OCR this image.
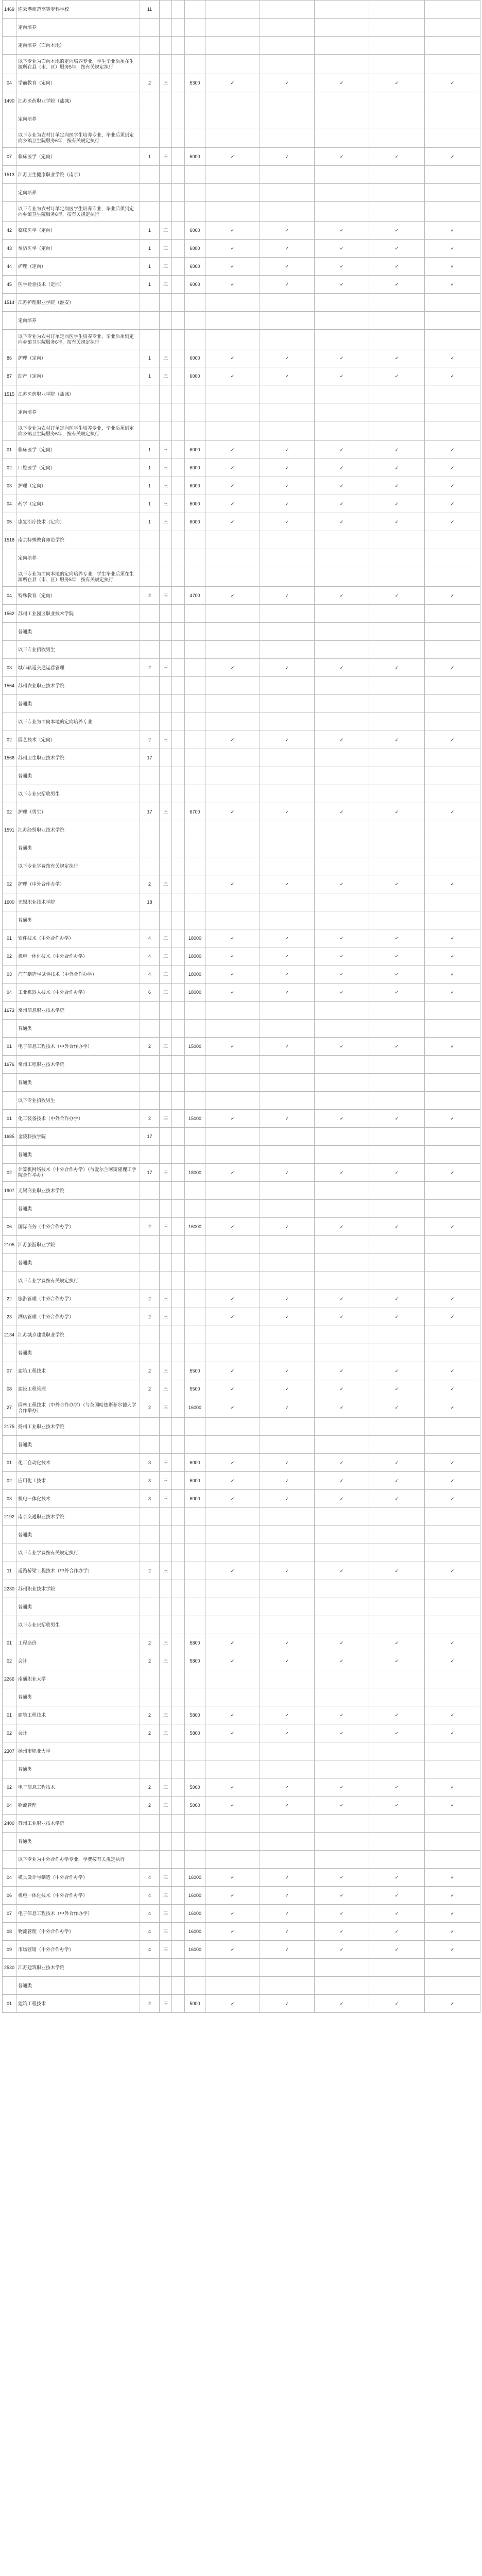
1469	连云港师范高等专科学校	11								
	定向培养									
	定向培养（面向本地）									
	以下专业为面向本地的定向培养专业，学生毕业后须在生源所在县（市、区）服务5年，按有关规定执行									
04	学前教育（定向）	2	三		5300	✓	✓	✓	✓	✓
1490	江苏医药职业学院（盐城）									
	定向培养									
	以下专业为农村订单定向医学生培养专业，毕业后须到定向乡镇卫生院服务6年，按有关规定执行									
07	临床医学（定向）	1	三		6000	✓	✓	✓	✓	✓
1513	江苏卫生健康职业学院（南京）									
	定向培养									
	以下专业为农村订单定向医学生培养专业，毕业后须到定向乡镇卫生院服务6年，按有关规定执行									
42	临床医学（定向）	1	三		6000	✓	✓	✓	✓	✓
43	预防医学（定向）	1	三		6000	✓	✓	✓	✓	✓
44	护理（定向）	1	三		6000	✓	✓	✓	✓	✓
45	医学检验技术（定向）	1	三		6000	✓	✓	✓	✓	✓
1514	江苏护理职业学院（淮安）									
	定向培养									
	以下专业为农村订单定向医学生培养专业，毕业后须到定向乡镇卫生院服务6年，按有关规定执行									
86	护理（定向）	1	三		6000	✓	✓	✓	✓	✓
87	助产（定向）	1	三		6000	✓	✓	✓	✓	✓
1515	江苏医药职业学院（盐城）									
	定向培养									
	以下专业为农村订单定向医学生培养专业，毕业后须到定向乡镇卫生院服务6年，按有关规定执行									
01	临床医学（定向）	1	三		6000	✓	✓	✓	✓	✓
02	口腔医学（定向）	1	三		6000	✓	✓	✓	✓	✓
03	护理（定向）	1	三		6000	✓	✓	✓	✓	✓
04	药学（定向）	1	三		6000	✓	✓	✓	✓	✓
05	康复治疗技术（定向）	1	三		6000	✓	✓	✓	✓	✓
1518	南京特殊教育师范学院									
	定向培养									
	以下专业为面向本地的定向培养专业，学生毕业后须在生源所在县（市、区）服务5年，按有关规定执行									
04	特殊教育（定向）	2	三		4700	✓	✓	✓	✓	✓
1562	苏州工业园区职业技术学院									
	普通类									
	以下专业招收男生									
03	城市轨道交通运营管理	2	三			✓	✓	✓	✓	✓
1564	苏州农业职业技术学院									
	普通类									
	以下专业为面向本地的定向培养专业									
02	园艺技术（定向）	2	三			✓	✓	✓	✓	✓
1566	苏州卫生职业技术学院	17								
	普通类									
	以下专业只招收男生									
02	护理（男生）	17	三		6700	✓	✓	✓	✓	✓
1591	江苏经贸职业技术学院									
	普通类									
	以下专业学费按有关规定执行									
02	护理（中外合作办学）	2	三			✓	✓	✓	✓	✓
1600	无锡职业技术学院	18								
	普通类									
01	软件技术（中外合作办学）	4	三		18000	✓	✓	✓	✓	✓
02	机电一体化技术（中外合作办学）	4	三		18000	✓	✓	✓	✓	✓
03	汽车制造与试验技术（中外合作办学）	4	三		18000	✓	✓	✓	✓	✓
04	工业机器人技术（中外合作办学）	6	三		18000	✓	✓	✓	✓	✓
1673	常州信息职业技术学院									
	普通类									
01	电子信息工程技术（中外合作办学）	2	三		15000	✓	✓	✓	✓	✓
1676	常州工程职业技术学院									
	普通类									
	以下专业招收男生									
01	化工装备技术（中外合作办学）	2	三		15000	✓	✓	✓	✓	✓
1685	金陵科技学院	17								
	普通类									
02	计算机网络技术（中外合作办学）（与爱尔兰阿斯隆理工学院合作举办）	17	三		18000	✓	✓	✓	✓	✓
1907	无锡商业职业技术学院									
	普通类									
06	国际商务（中外合作办学）	2	三		16000	✓	✓	✓	✓	✓
2105	江苏旅游职业学院									
	普通类									
	以下专业学费按有关规定执行									
22	旅游管理（中外合作办学）	2	三			✓	✓	✓	✓	✓
23	酒店管理（中外合作办学）	2	三			✓	✓	✓	✓	✓
2134	江苏城乡建设职业学院									
	普通类									
07	建筑工程技术	2	三		5500	✓	✓	✓	✓	✓
08	建设工程管理	2	三		5500	✓	✓	✓	✓	✓
27	园林工程技术（中外合作办学）（与英国哈德斯菲尔德大学合作举办）	2	三		16000	✓	✓	✓	✓	✓
2175	扬州工业职业技术学院									
	普通类									
01	化工自动化技术	3	三		6000	✓	✓	✓	✓	✓
02	应用化工技术	3	三		6000	✓	✓	✓	✓	✓
03	机电一体化技术	3	三		6000	✓	✓	✓	✓	✓
2192	南京交通职业技术学院									
	普通类									
	以下专业学费按有关规定执行									
11	道路桥梁工程技术（中外合作办学）	2	三			✓	✓	✓	✓	✓
2230	苏州职业技术学院									
	普通类									
	以下专业只招收男生									
01	工程造价	2	三		5800	✓	✓	✓	✓	✓
02	会计	2	三		5800	✓	✓	✓	✓	✓
2266	南通职业大学									
	普通类									
01	建筑工程技术	2	三		5800	✓	✓	✓	✓	✓
02	会计	2	三		5800	✓	✓	✓	✓	✓
2307	扬州市职业大学									
	普通类									
02	电子信息工程技术	2	三		5000	✓	✓	✓	✓	✓
04	物流管理	2	三		5000	✓	✓	✓	✓	✓
2400	苏州工业职业技术学院									
	普通类									
	以下专业为中外合作办学专业，学费按有关规定执行									
04	模具设计与制造（中外合作办学）	4	三		16000	✓	✓	✓	✓	✓
06	机电一体化技术（中外合作办学）	4	三		16000	✓	✓	✓	✓	✓
07	电子信息工程技术（中外合作办学）	4	三		16000	✓	✓	✓	✓	✓
08	物流管理（中外合作办学）	4	三		16000	✓	✓	✓	✓	✓
09	市场营销（中外合作办学）	4	三		16000	✓	✓	✓	✓	✓
2530	江苏建筑职业技术学院									
	普通类									
01	建筑工程技术	2	三		5000	✓	✓	✓	✓	✓
